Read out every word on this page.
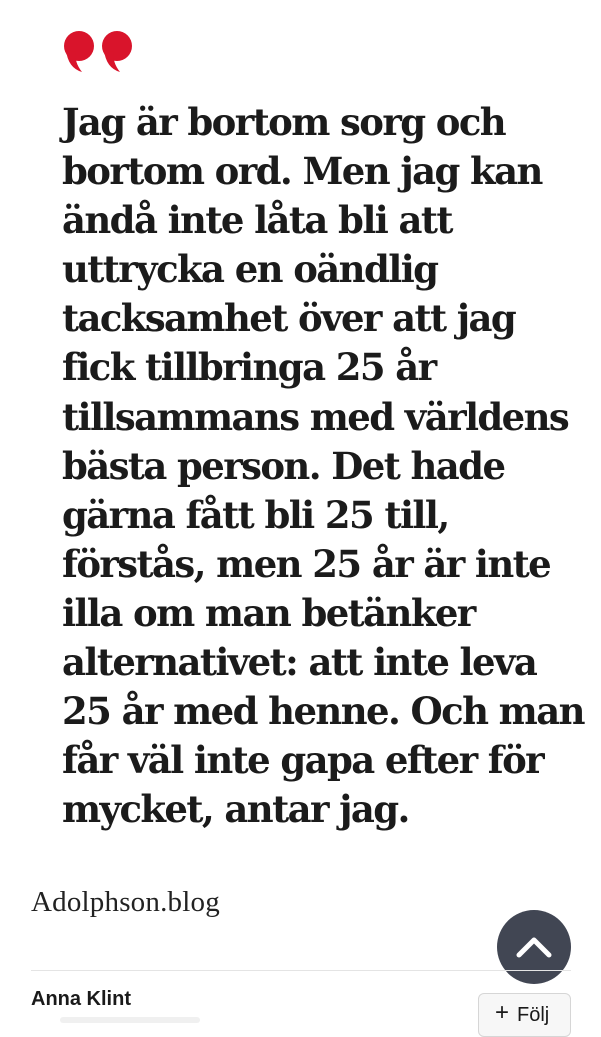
Jag är bortom sorg och
bortom ord. Men jag kan
ändå inte låta bli att
uttrycka en oändlig
tacksamhet över att jag
fick tillbringa 25 år
tillsammans med världens
bästa person. Det hade
gärna fått bli 25 till,
förstås, men 25 år är inte
illa om man betänker
alternativet: att inte leva
25 år med henne. Och man
får väl inte gapa efter för
mycket, antar jag.

Adolphson.blog

Anna Klint	+ Följ
